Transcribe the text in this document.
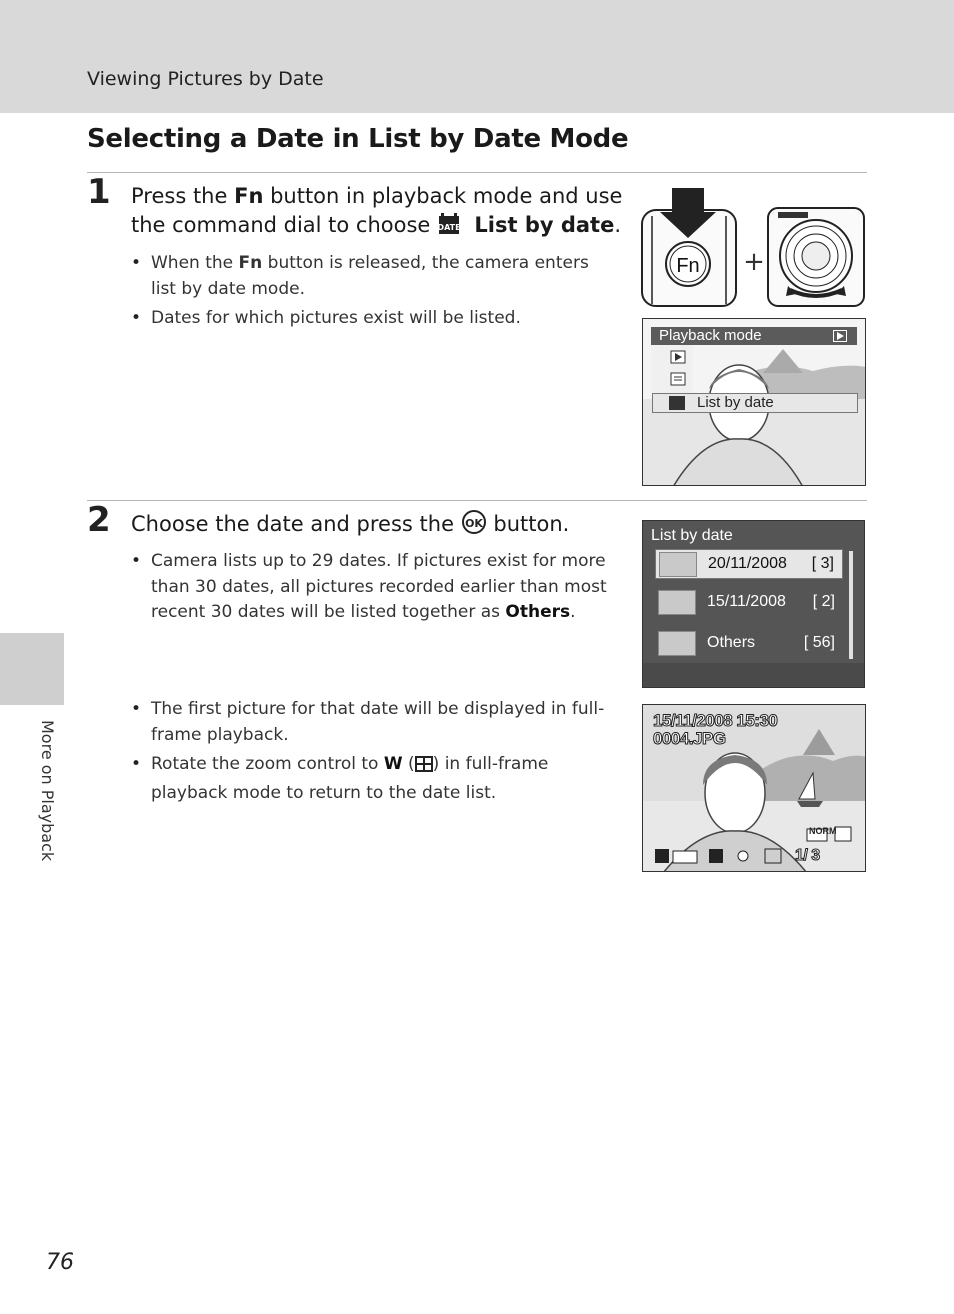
Viewing Pictures by Date
Selecting a Date in List by Date Mode
1 Press the Fn button in playback mode and use
the command dial to choose DATE List by date.
• When the Fn button is released, the camera enters list by date mode.
• Dates for which pictures exist will be listed.
Fn +
Playback mode
List by date
2 Choose the date and press the OK button.
• Camera lists up to 29 dates. If pictures exist for more than 30 dates, all pictures recorded earlier than most recent 30 dates will be listed together as Others.
• The first picture for that date will be displayed in full-frame playback.
• Rotate the zoom control to W ( ) in full-frame playback mode to return to the date list.
List by date
20/11/2008 [ 3]
15/11/2008 [ 2]
Others	[ 56]
15/11/2008 15:30
0004.JPG
NORM
1/ 3
More on Playback
76
